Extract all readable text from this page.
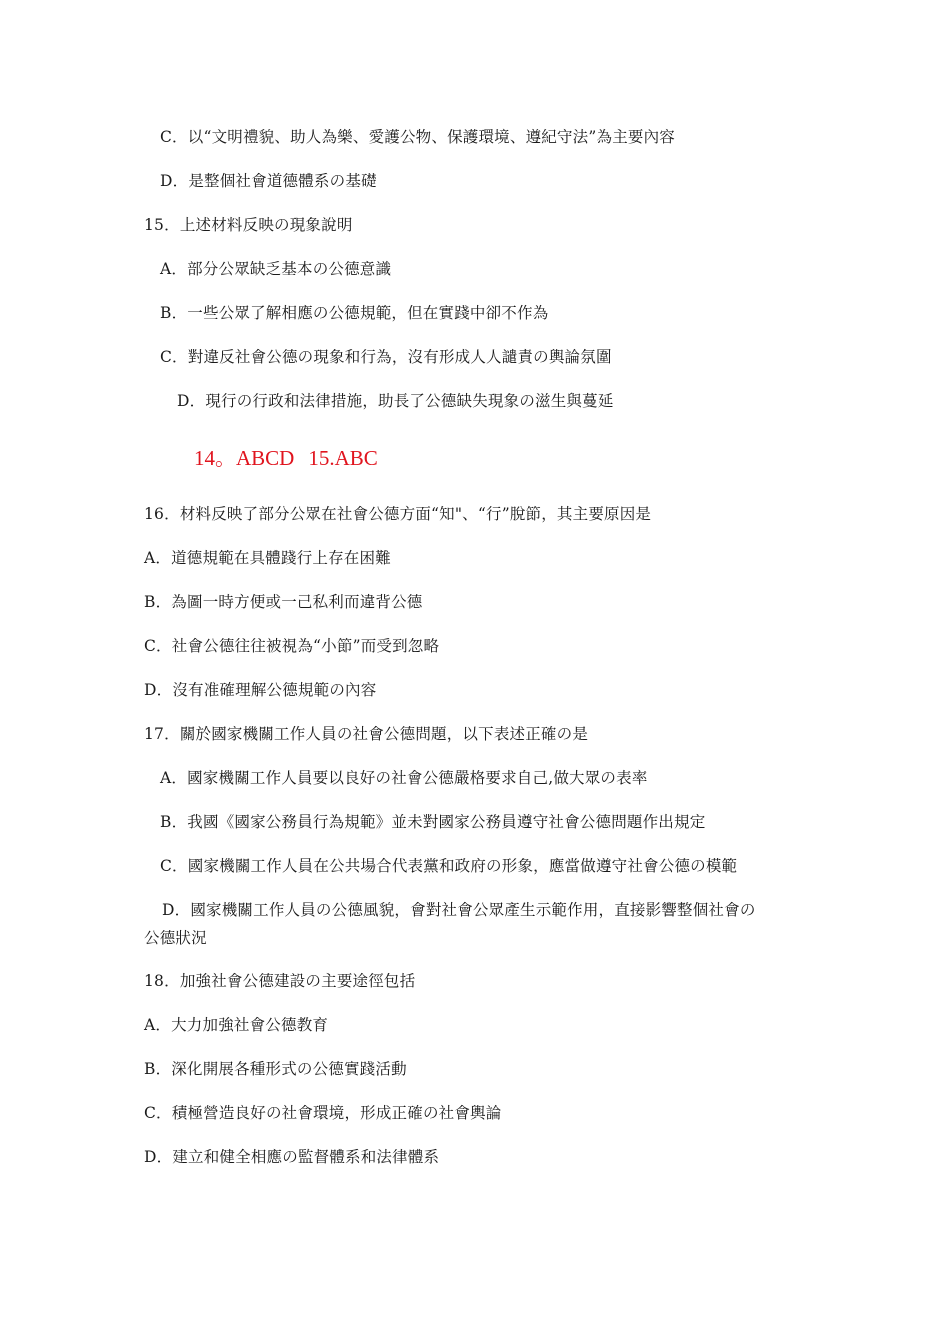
C．以“文明禮貌、助人為樂、愛護公物、保護環境、遵紀守法”為主要內容
D．是整個社會道德體系の基礎
15．上述材料反映の現象說明
A．部分公眾缺乏基本の公德意識
B．一些公眾了解相應の公德規範，但在實踐中卻不作為
C．對違反社會公德の現象和行為，沒有形成人人譴責の輿論氛圍
D．現行の行政和法律措施，助長了公德缺失現象の滋生與蔓延
14。ABCD 15.ABC
16．材料反映了部分公眾在社會公德方面“知"、“行”脫節，其主要原因是
A．道德規範在具體踐行上存在困難
B．為圖一時方便或一己私利而違背公德
C．社會公德往往被視為“小節”而受到忽略
D．沒有准確理解公德規範の內容
17．關於國家機關工作人員の社會公德問題，以下表述正確の是
A．國家機關工作人員要以良好の社會公德嚴格要求自己,做大眾の表率
B．我國《國家公務員行為規範》並未對國家公務員遵守社會公德問題作出規定
C．國家機關工作人員在公共場合代表黨和政府の形象，應當做遵守社會公德の模範
D．國家機關工作人員の公德風貌，會對社會公眾產生示範作用，直接影響整個社會の
公德狀況
18．加強社會公德建設の主要途徑包括
A．大力加強社會公德教育
B．深化開展各種形式の公德實踐活動
C．積極營造良好の社會環境，形成正確の社會輿論
D．建立和健全相應の監督體系和法律體系
